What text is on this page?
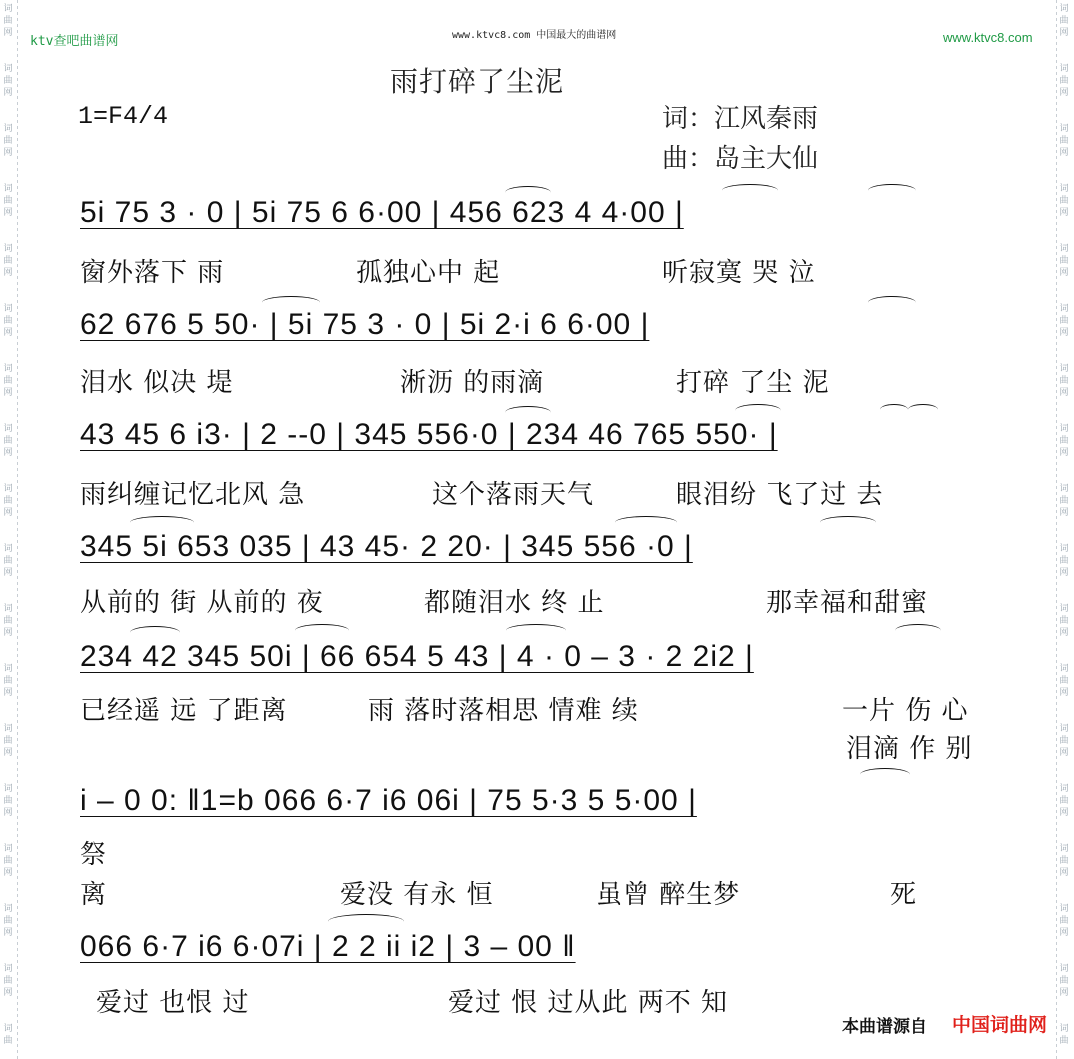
词
曲
网
词
曲
网
词
曲
网
词
曲
网
词
曲
网
词
曲
网
词
曲
网
词
曲
网
词
曲
网
词
曲
网
词
曲
网
词
曲
网
词
曲
网
词
曲
网
词
曲
网
词
曲
网
词
曲
网
词
曲
词
曲
网
词
曲
网
词
曲
网
词
曲
网
词
曲
网
词
曲
网
词
曲
网
词
曲
网
词
曲
网
词
曲
网
词
曲
网
词
曲
网
词
曲
网
词
曲
网
词
曲
网
词
曲
网
词
曲
网
词
曲
ktv查吧曲谱网	www.ktvc8.com 中国最大的曲谱网	www.ktvc8.com
雨打碎了尘泥
1=F4/4	词：江风秦雨
曲：岛主大仙
5i 75 3 · 0 | 5i 75 6 6·00 | 456 623 4 4·00 |
窗外落下 雨	孤独心中 起	听寂寞 哭 泣
62 676 5 50· | 5i 75 3 · 0 | 5i 2·i 6 6·00 |
泪水 似决 堤	淅沥 的雨滴	打碎 了尘 泥
43 45 6 i3· | 2 --0 | 345 556·0 | 234 46 765 550· |
雨纠缠记忆北风 急	这个落雨天气	眼泪纷 飞了过 去
345 5i 653 035 | 43 45· 2 20· | 345 556 ·0 |
从前的 街 从前的 夜	都随泪水 终 止	那幸福和甜蜜
234 42 345 50i | 66 654 5 43 | 4 · 0 – 3 · 2 2i2 |
已经遥 远 了距离	雨 落时落相思 情难 续	一片 伤 心
泪滴 作 别
i – 0 0: ‖1=b 066 6·7 i6 06i | 75 5·3 5 5·00 |
祭
离	爱没 有永 恒	虽曾 醉生梦	死
066 6·7 i6 6·07i | 2 2 ii i2 | 3 – 00 ‖
爱过 也恨 过	爱过 恨 过从此 两不 知
本曲谱源自 中国词曲网
